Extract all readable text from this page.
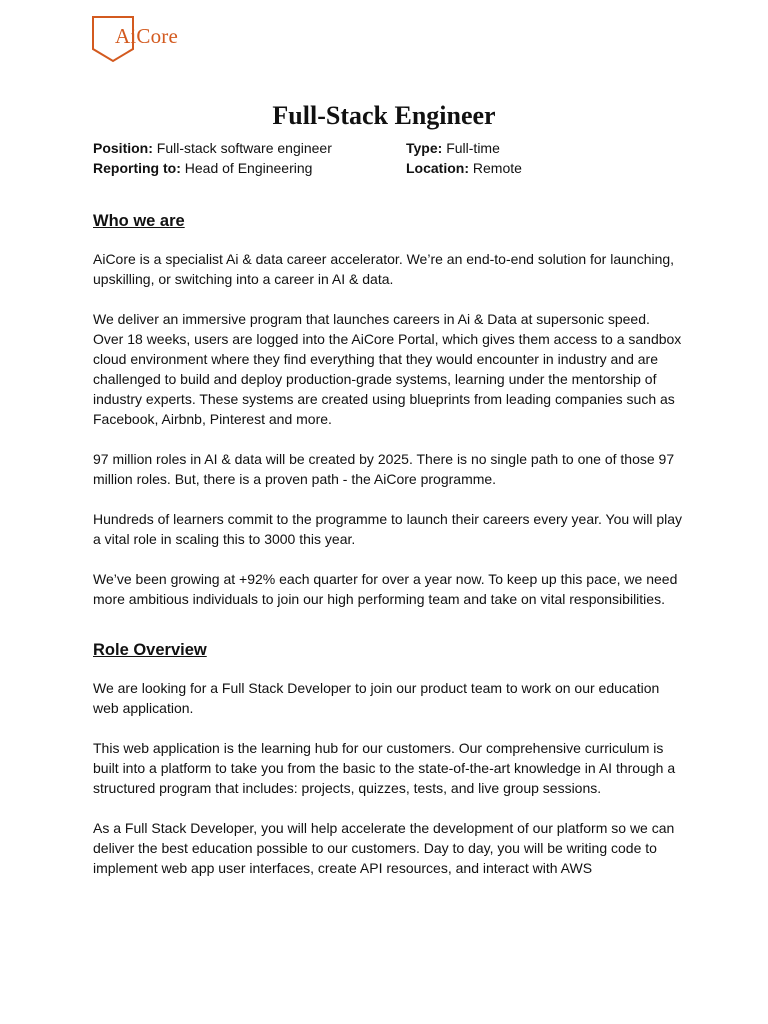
AiCore
Full-Stack Engineer
Position: Full-stack software engineer	Type: Full-time
Reporting to: Head of Engineering	Location: Remote
Who we are

AiCore is a specialist Ai & data career accelerator. We’re an end-to-end solution for launching, upskilling, or switching into a career in AI & data.

We deliver an immersive program that launches careers in Ai & Data at supersonic speed. Over 18 weeks, users are logged into the AiCore Portal, which gives them access to a sandbox cloud environment where they find everything that they would encounter in industry and are challenged to build and deploy production-grade systems, learning under the mentorship of industry experts. These systems are created using blueprints from leading companies such as Facebook, Airbnb, Pinterest and more.

97 million roles in AI & data will be created by 2025. There is no single path to one of those 97 million roles. But, there is a proven path - the AiCore programme.

Hundreds of learners commit to the programme to launch their careers every year. You will play a vital role in scaling this to 3000 this year.

We’ve been growing at +92% each quarter for over a year now. To keep up this pace, we need more ambitious individuals to join our high performing team and take on vital responsibilities.

Role Overview

We are looking for a Full Stack Developer to join our product team to work on our education web application.

This web application is the learning hub for our customers. Our comprehensive curriculum is built into a platform to take you from the basic to the state-of-the-art knowledge in AI through a structured program that includes: projects, quizzes, tests, and live group sessions.

As a Full Stack Developer, you will help accelerate the development of our platform so we can deliver the best education possible to our customers. Day to day, you will be writing code to implement web app user interfaces, create API resources, and interact with AWS
